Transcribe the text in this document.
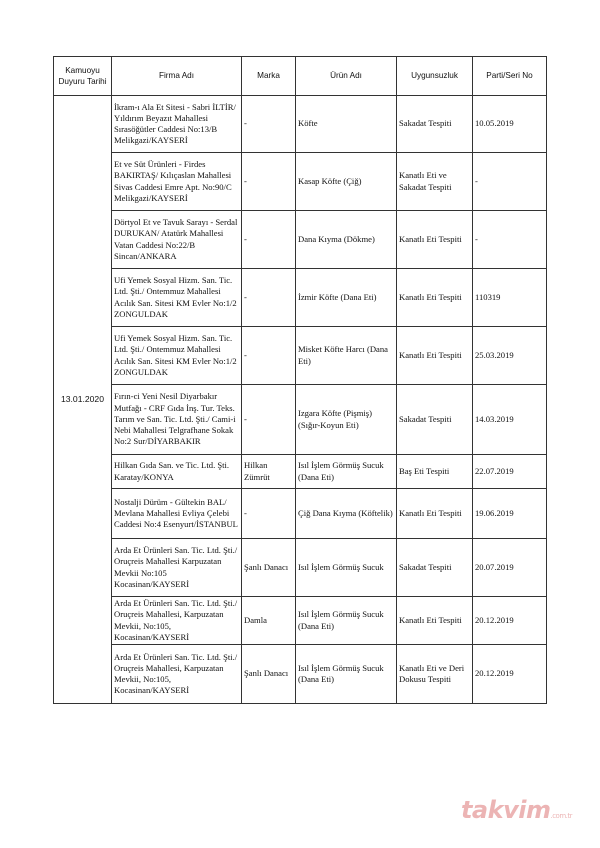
Kamuoyu Duyuru Tarihi	Firma Adı	Marka	Ürün Adı	Uygunsuzluk	Parti/Seri No
13.01.2020	İkram-ı Ala Et Sitesi - Sabri İLTİR/ Yıldırım Beyazıt Mahallesi Sırasöğütler Caddesi No:13/B Melikgazi/KAYSERİ	-	Köfte	Sakadat Tespiti	10.05.2019
	Et ve Süt Ürünleri - Firdes BAKIRTAŞ/ Kılıçaslan Mahallesi Sivas Caddesi Emre Apt. No:90/C Melikgazi/KAYSERİ	-	Kasap Köfte (Çiğ)	Kanatlı Eti ve Sakadat Tespiti	-
	Dörtyol Et ve Tavuk Sarayı - Serdal DURUKAN/ Atatürk Mahallesi Vatan Caddesi No:22/B Sincan/ANKARA	-	Dana Kıyma (Dökme)	Kanatlı Eti Tespiti	-
	Ufi Yemek Sosyal Hizm. San. Tic. Ltd. Şti./ Ontemmuz Mahallesi Acılık San. Sitesi KM Evler No:1/2 ZONGULDAK	-	İzmir Köfte (Dana Eti)	Kanatlı Eti Tespiti	110319
	Ufi Yemek Sosyal Hizm. San. Tic. Ltd. Şti./ Ontemmuz Mahallesi Acılık San. Sitesi KM Evler No:1/2 ZONGULDAK	-	Misket Köfte Harcı (Dana Eti)	Kanatlı Eti Tespiti	25.03.2019
	Fırın-ci Yeni Nesil Diyarbakır Mutfağı - CRF Gıda İnş. Tur. Teks. Tarım ve San. Tic. Ltd. Şti./ Cami-i Nebi Mahallesi Telgrafhane Sokak No:2 Sur/DİYARBAKIR	-	Izgara Köfte (Pişmiş) (Sığır-Koyun Eti)	Sakadat Tespiti	14.03.2019
	Hilkan Gıda San. ve Tic. Ltd. Şti. Karatay/KONYA	Hilkan Zümrüt	Isıl İşlem Görmüş Sucuk (Dana Eti)	Baş Eti Tespiti	22.07.2019
	Nostalji Dürüm - Gültekin BAL/ Mevlana Mahallesi Evliya Çelebi Caddesi No:4 Esenyurt/İSTANBUL	-	Çiğ Dana Kıyma (Köftelik)	Kanatlı Eti Tespiti	19.06.2019
	Arda Et Ürünleri San. Tic. Ltd. Şti./ Oruçreis Mahallesi Karpuzatan Mevkii No:105 Kocasinan/KAYSERİ	Şanlı Danacı	Isıl İşlem Görmüş Sucuk	Sakadat Tespiti	20.07.2019
	Arda Et Ürünleri San. Tic. Ltd. Şti./ Oruçreis Mahallesi, Karpuzatan Mevkii, No:105, Kocasinan/KAYSERİ	Damla	Isıl İşlem Görmüş Sucuk (Dana Eti)	Kanatlı Eti Tespiti	20.12.2019
	Arda Et Ürünleri San. Tic. Ltd. Şti./ Oruçreis Mahallesi, Karpuzatan Mevkii, No:105, Kocasinan/KAYSERİ	Şanlı Danacı	Isıl İşlem Görmüş Sucuk (Dana Eti)	Kanatlı Eti ve Deri Dokusu Tespiti	20.12.2019
takvim.com.tr
